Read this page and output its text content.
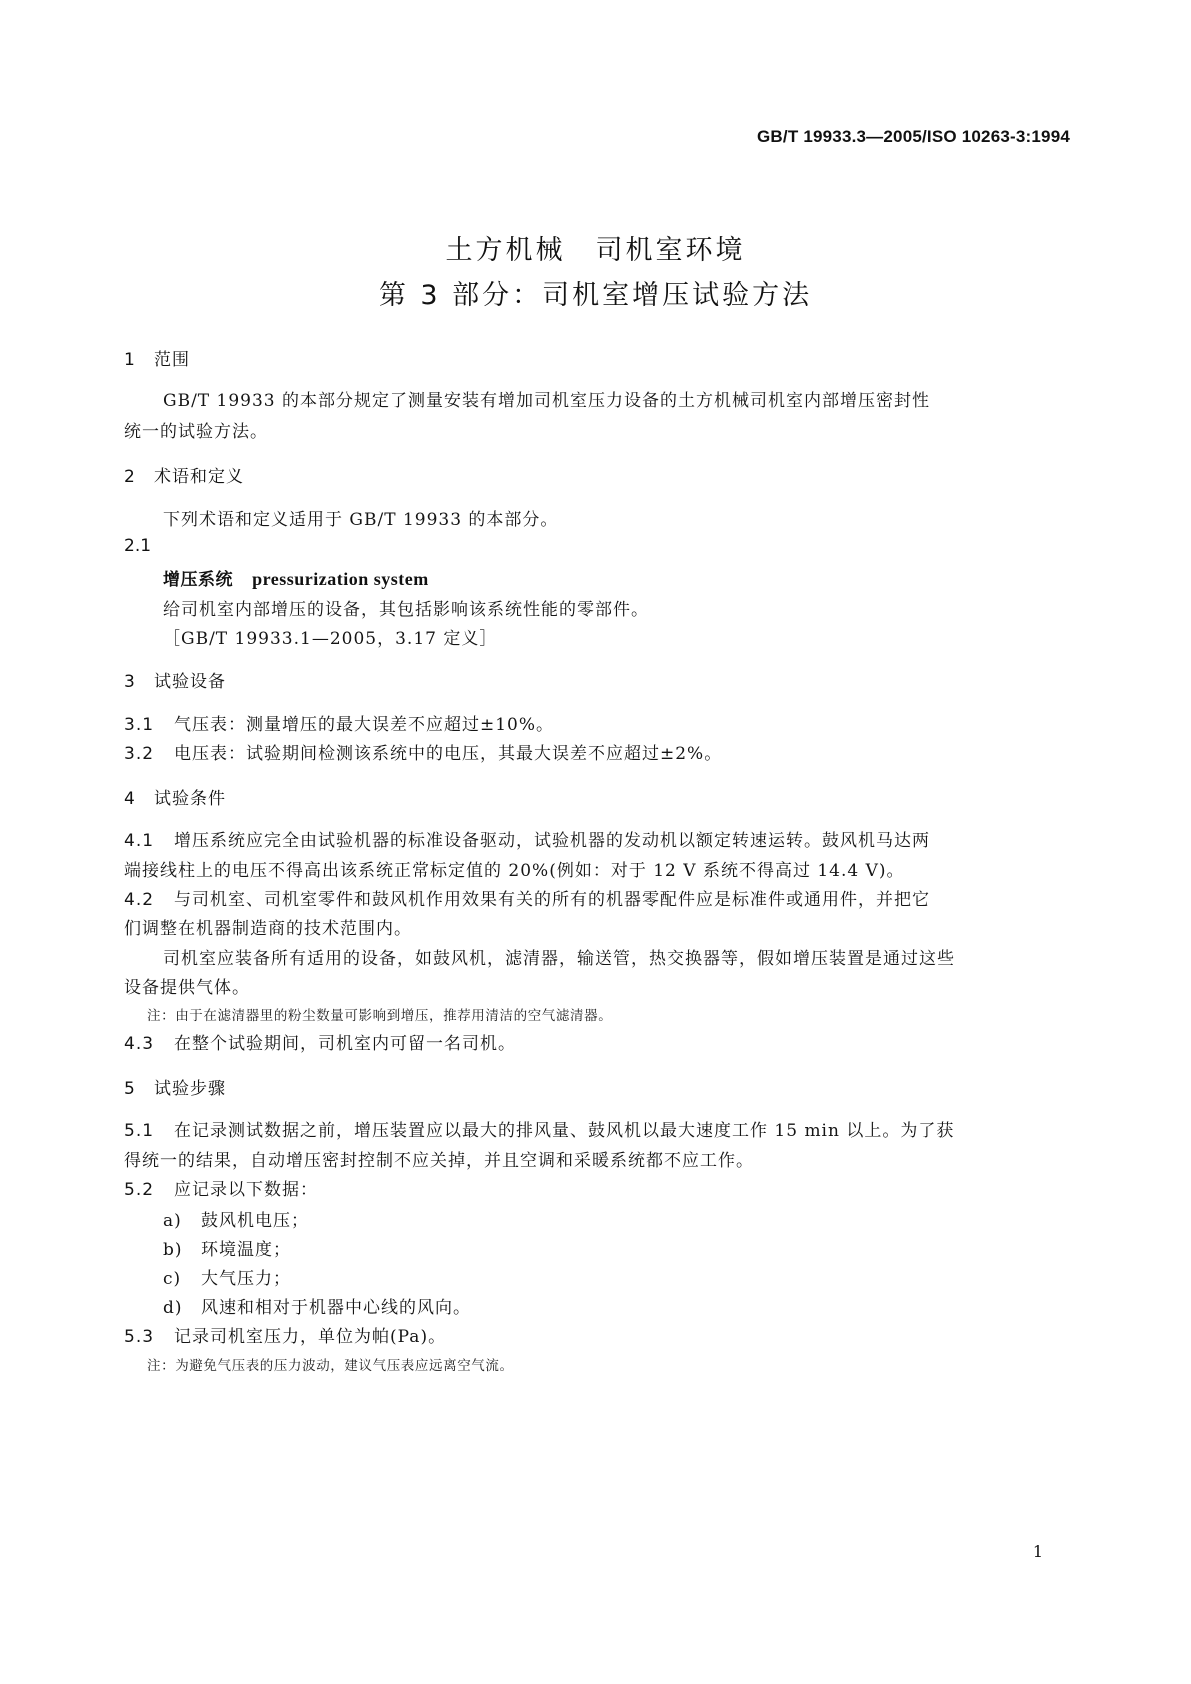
GB/T 19933.3—2005/ISO 10263-3:1994
土方机械　司机室环境
第 3 部分：司机室增压试验方法
1 范围
GB/T 19933 的本部分规定了测量安装有增加司机室压力设备的土方机械司机室内部增压密封性
统一的试验方法。
2 术语和定义
下列术语和定义适用于 GB/T 19933 的本部分。
2.1
增压系统 pressurization system
给司机室内部增压的设备，其包括影响该系统性能的零部件。
［GB/T 19933.1—2005，3.17 定义］
3 试验设备
3.1 气压表：测量增压的最大误差不应超过±10%。
3.2 电压表：试验期间检测该系统中的电压，其最大误差不应超过±2%。
4 试验条件
4.1 增压系统应完全由试验机器的标准设备驱动，试验机器的发动机以额定转速运转。鼓风机马达两
端接线柱上的电压不得高出该系统正常标定值的 20%(例如：对于 12 V 系统不得高过 14.4 V)。
4.2 与司机室、司机室零件和鼓风机作用效果有关的所有的机器零配件应是标准件或通用件，并把它
们调整在机器制造商的技术范围内。
司机室应装备所有适用的设备，如鼓风机，滤清器，输送管，热交换器等，假如增压装置是通过这些
设备提供气体。
注：由于在滤清器里的粉尘数量可影响到增压，推荐用清洁的空气滤清器。
4.3 在整个试验期间，司机室内可留一名司机。
5 试验步骤
5.1 在记录测试数据之前，增压装置应以最大的排风量、鼓风机以最大速度工作 15 min 以上。为了获
得统一的结果，自动增压密封控制不应关掉，并且空调和采暖系统都不应工作。
5.2 应记录以下数据：
a) 鼓风机电压；
b) 环境温度；
c) 大气压力；
d) 风速和相对于机器中心线的风向。
5.3 记录司机室压力，单位为帕(Pa)。
注：为避免气压表的压力波动，建议气压表应远离空气流。
1
